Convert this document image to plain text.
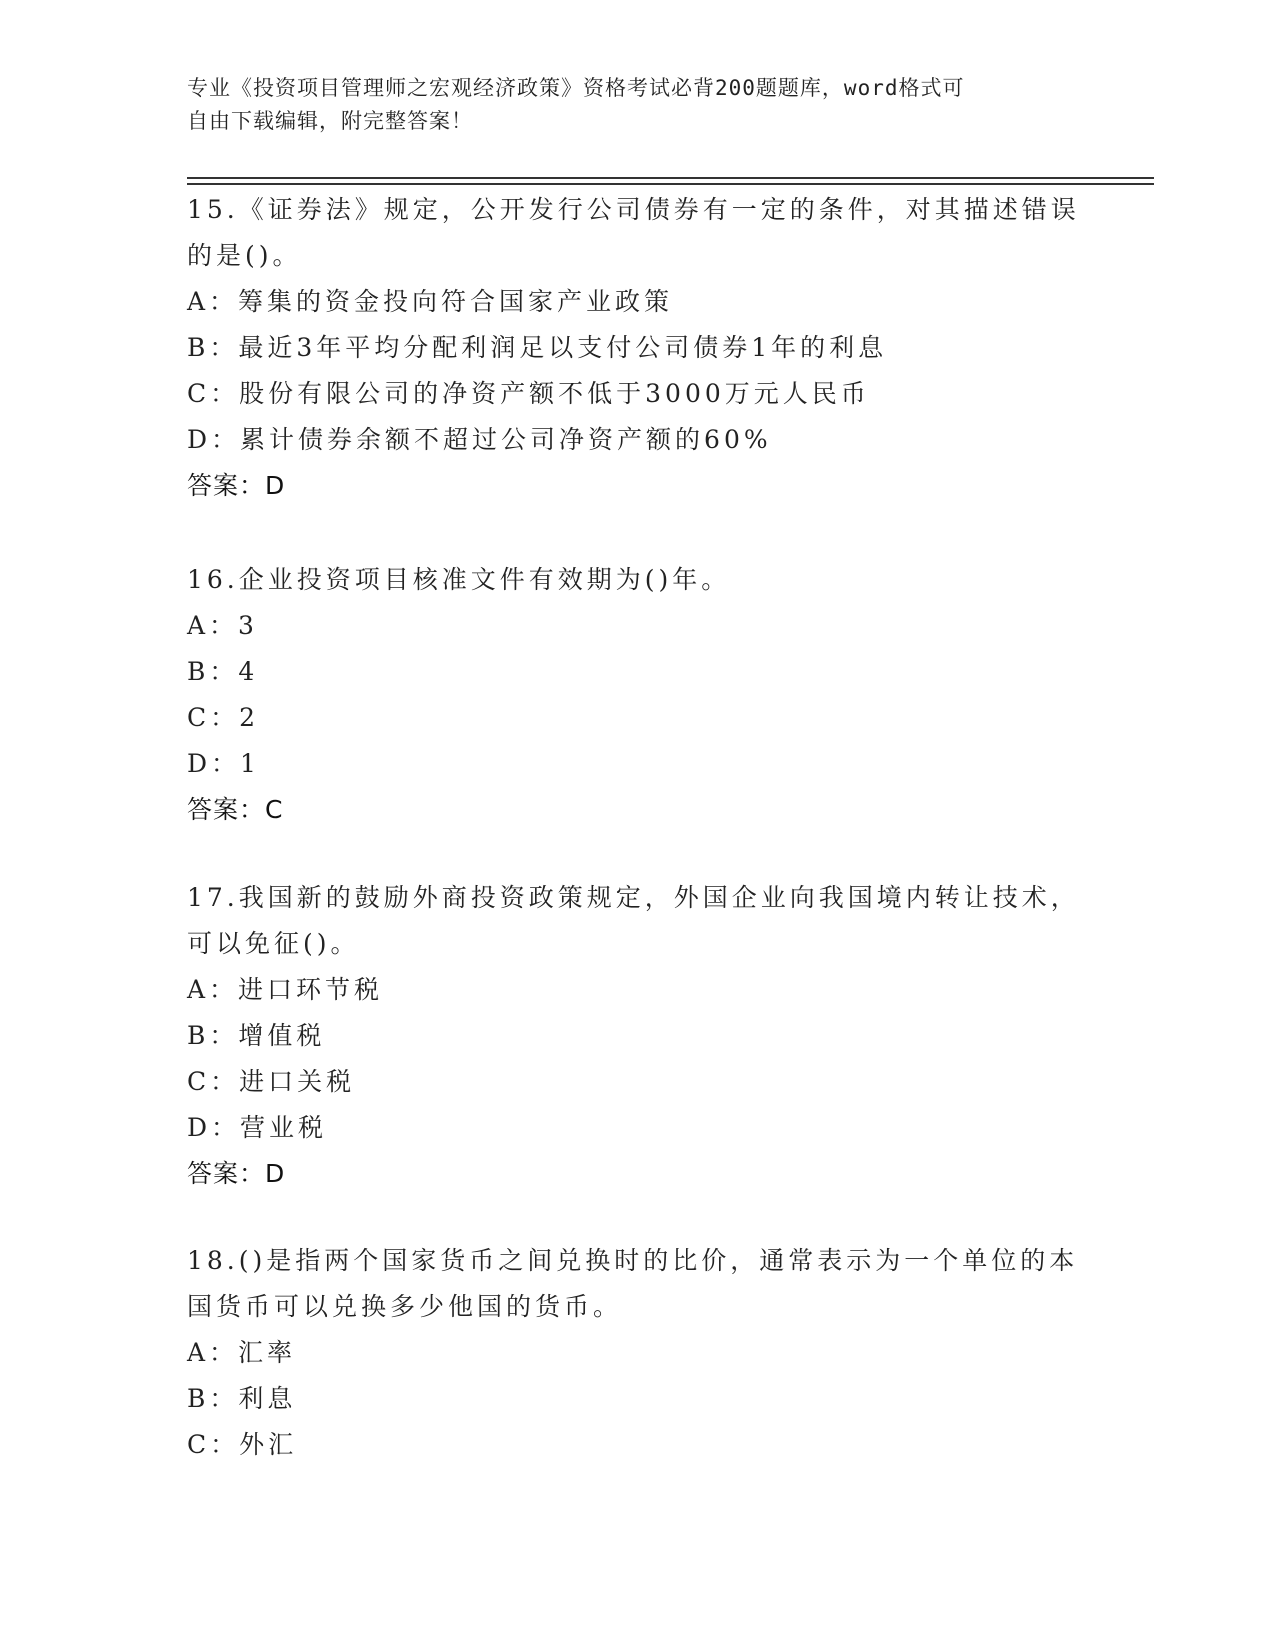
专业《投资项目管理师之宏观经济政策》资格考试必背200题题库，word格式可
自由下载编辑，附完整答案！
15.《证券法》规定，公开发行公司债券有一定的条件，对其描述错误
的是()。
A：筹集的资金投向符合国家产业政策
B：最近3年平均分配利润足以支付公司债券1年的利息
C：股份有限公司的净资产额不低于3000万元人民币
D：累计债券余额不超过公司净资产额的60%
答案：D
16.企业投资项目核准文件有效期为()年。
A：3
B：4
C：2
D：1
答案：C
17.我国新的鼓励外商投资政策规定，外国企业向我国境内转让技术，
可以免征()。
A：进口环节税
B：增值税
C：进口关税
D：营业税
答案：D
18.()是指两个国家货币之间兑换时的比价，通常表示为一个单位的本
国货币可以兑换多少他国的货币。
A：汇率
B：利息
C：外汇
